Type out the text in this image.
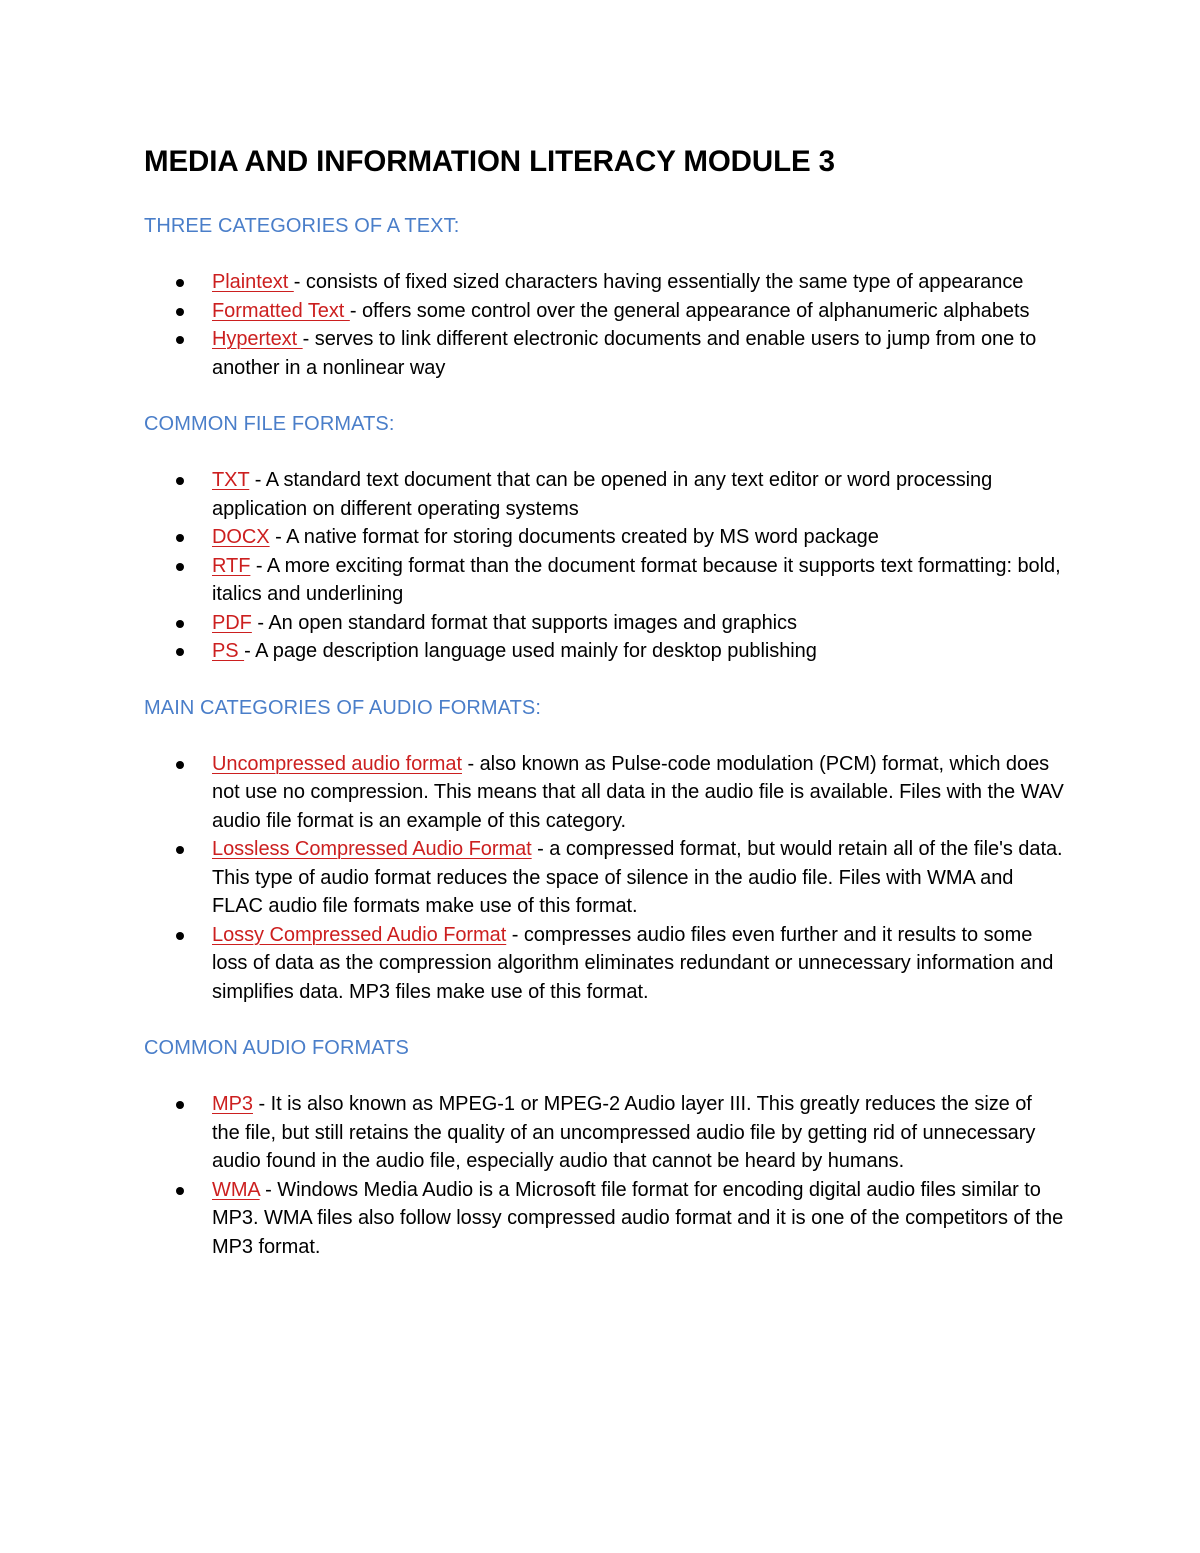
MEDIA AND INFORMATION LITERACY MODULE 3
THREE CATEGORIES OF A TEXT:
Plaintext - consists of fixed sized characters having essentially the same type of appearance
Formatted Text - offers some control over the general appearance of alphanumeric alphabets
Hypertext - serves to link different electronic documents and enable users to jump from one to another in a nonlinear way
COMMON FILE FORMATS:
TXT - A standard text document that can be opened in any text editor or word processing application on different operating systems
DOCX - A native format for storing documents created by MS word package
RTF - A more exciting format than the document format because it supports text formatting: bold, italics and underlining
PDF - An open standard format that supports images and graphics
PS - A page description language used mainly for desktop publishing
MAIN CATEGORIES OF AUDIO FORMATS:
Uncompressed audio format - also known as Pulse-code modulation (PCM) format, which does not use no compression. This means that all data in the audio file is available. Files with the WAV audio file format is an example of this category.
Lossless Compressed Audio Format - a compressed format, but would retain all of the file's data. This type of audio format reduces the space of silence in the audio file. Files with WMA and FLAC audio file formats make use of this format.
Lossy Compressed Audio Format - compresses audio files even further and it results to some loss of data as the compression algorithm eliminates redundant or unnecessary information and simplifies data. MP3 files make use of this format.
COMMON AUDIO FORMATS
MP3 - It is also known as MPEG-1 or MPEG-2 Audio layer III. This greatly reduces the size of the file, but still retains the quality of an uncompressed audio file by getting rid of unnecessary audio found in the audio file, especially audio that cannot be heard by humans.
WMA - Windows Media Audio is a Microsoft file format for encoding digital audio files similar to MP3. WMA files also follow lossy compressed audio format and it is one of the competitors of the MP3 format.
